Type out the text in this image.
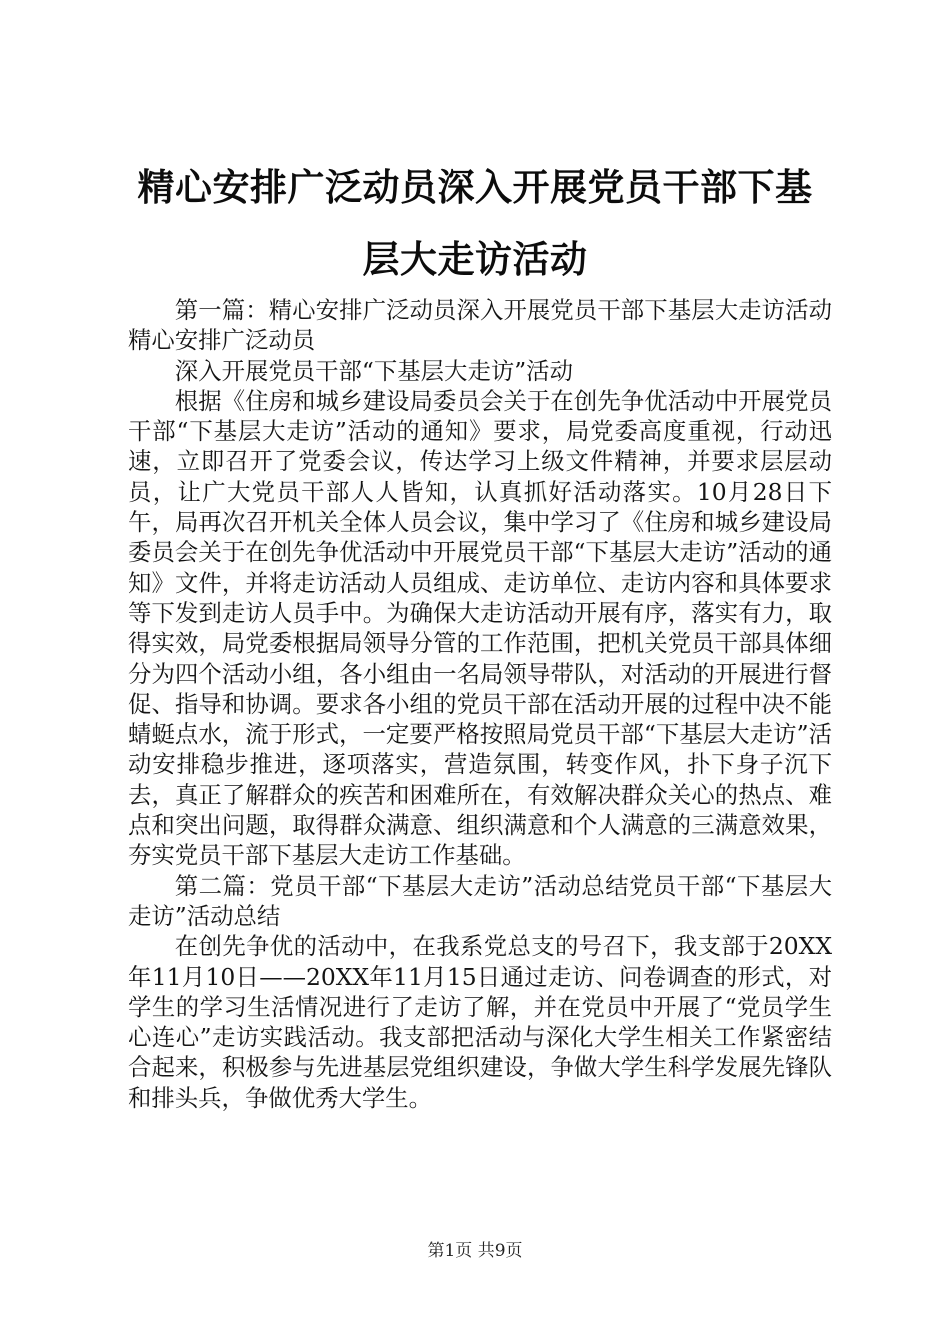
精心安排广泛动员深入开展党员干部下基层大走访活动

第一篇：精心安排广泛动员深入开展党员干部下基层大走访活动精心安排广泛动员

深入开展党员干部“下基层大走访”活动

根据《住房和城乡建设局委员会关于在创先争优活动中开展党员干部“下基层大走访”活动的通知》要求，局党委高度重视，行动迅速，立即召开了党委会议，传达学习上级文件精神，并要求层层动员，让广大党员干部人人皆知，认真抓好活动落实。10月28日下午，局再次召开机关全体人员会议，集中学习了《住房和城乡建设局委员会关于在创先争优活动中开展党员干部“下基层大走访”活动的通知》文件，并将走访活动人员组成、走访单位、走访内容和具体要求等下发到走访人员手中。为确保大走访活动开展有序，落实有力，取得实效，局党委根据局领导分管的工作范围，把机关党员干部具体细分为四个活动小组，各小组由一名局领导带队，对活动的开展进行督促、指导和协调。要求各小组的党员干部在活动开展的过程中决不能蜻蜓点水，流于形式，一定要严格按照局党员干部“下基层大走访”活动安排稳步推进，逐项落实，营造氛围，转变作风，扑下身子沉下去，真正了解群众的疾苦和困难所在，有效解决群众关心的热点、难点和突出问题，取得群众满意、组织满意和个人满意的三满意效果，夯实党员干部下基层大走访工作基础。

第二篇：党员干部“下基层大走访”活动总结党员干部“下基层大走访”活动总结

在创先争优的活动中，在我系党总支的号召下，我支部于20XX年11月10日——20XX年11月15日通过走访、问卷调查的形式，对学生的学习生活情况进行了走访了解，并在党员中开展了“党员学生心连心”走访实践活动。我支部把活动与深化大学生相关工作紧密结合起来，积极参与先进基层党组织建设，争做大学生科学发展先锋队和排头兵，争做优秀大学生。

第1页 共9页
